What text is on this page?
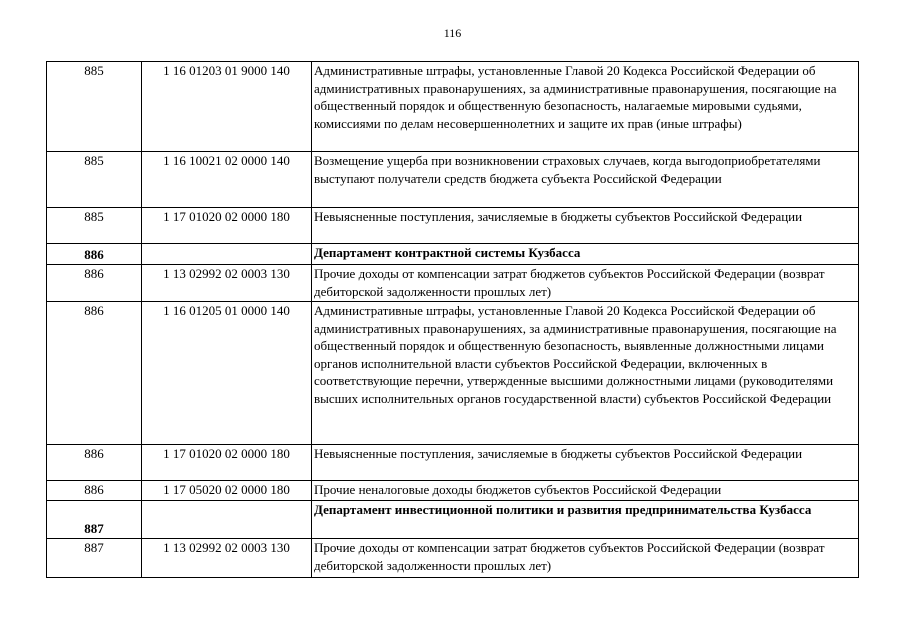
116
885	1 16 01203 01 9000 140	Административные штрафы, установленные Главой 20 Кодекса Российской Федерации об административных правонарушениях, за административные правонарушения, посягающие на общественный порядок и общественную безопасность, налагаемые мировыми судьями, комиссиями по делам несовершеннолетних и защите их прав (иные штрафы)
885	1 16 10021 02 0000 140	Возмещение ущерба при возникновении страховых случаев, когда выгодоприобретателями выступают получатели средств бюджета субъекта Российской Федерации
885	1 17 01020 02 0000 180	Невыясненные поступления, зачисляемые в бюджеты субъектов Российской Федерации
886		Департамент контрактной системы Кузбасса
886	1 13 02992 02 0003 130	Прочие доходы от компенсации затрат бюджетов субъектов Российской Федерации (возврат дебиторской задолженности прошлых лет)
886	1 16 01205 01 0000 140	Административные штрафы, установленные Главой 20 Кодекса Российской Федерации об административных правонарушениях, за административные правонарушения, посягающие на общественный порядок и общественную безопасность, выявленные должностными лицами органов исполнительной власти субъектов Российской Федерации, включенных в соответствующие перечни, утвержденные высшими должностными лицами (руководителями высших исполнительных органов государственной власти) субъектов Российской Федерации
886	1 17 01020 02 0000 180	Невыясненные поступления, зачисляемые в бюджеты субъектов Российской Федерации
886	1 17 05020 02 0000 180	Прочие неналоговые доходы бюджетов субъектов Российской Федерации
887		Департамент инвестиционной политики и развития предпринимательства Кузбасса
887	1 13 02992 02 0003 130	Прочие доходы от компенсации затрат бюджетов субъектов Российской Федерации (возврат дебиторской задолженности прошлых лет)
